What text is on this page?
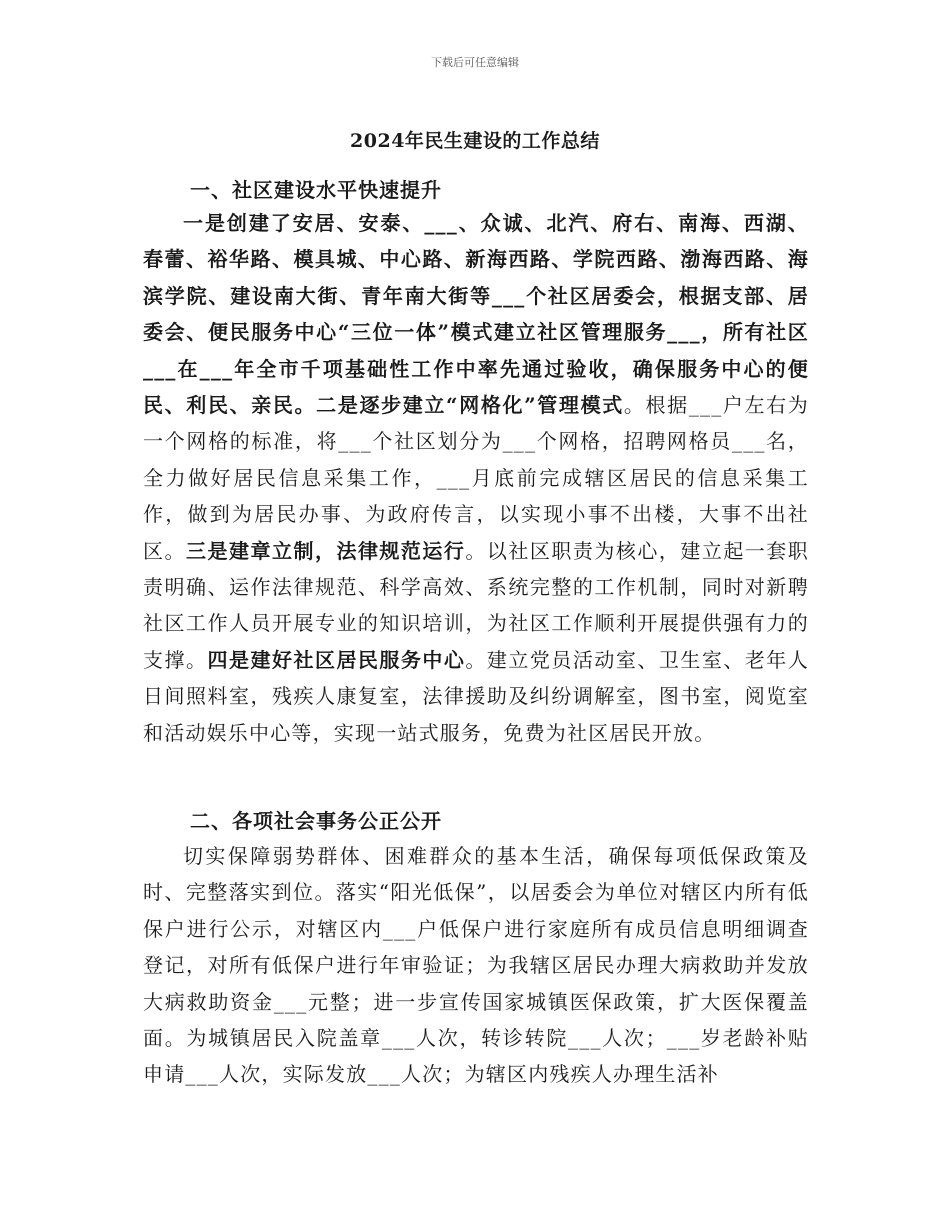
下载后可任意编辑
2024年民生建设的工作总结
一、社区建设水平快速提升
一是创建了安居、安泰、___、众诚、北汽、府右、南海、西湖、春蕾、裕华路、模具城、中心路、新海西路、学院西路、渤海西路、海滨学院、建设南大街、青年南大街等___个社区居委会，根据支部、居委会、便民服务中心“三位一体”模式建立社区管理服务___，所有社区___在___年全市千项基础性工作中率先通过验收，确保服务中心的便民、利民、亲民。二是逐步建立“网格化”管理模式。根据___户左右为一个网格的标准，将___个社区划分为___个网格，招聘网格员___名，全力做好居民信息采集工作，___月底前完成辖区居民的信息采集工作，做到为居民办事、为政府传言，以实现小事不出楼，大事不出社区。三是建章立制，法律规范运行。以社区职责为核心，建立起一套职责明确、运作法律规范、科学高效、系统完整的工作机制，同时对新聘社区工作人员开展专业的知识培训，为社区工作顺利开展提供强有力的支撑。四是建好社区居民服务中心。建立党员活动室、卫生室、老年人日间照料室，残疾人康复室，法律援助及纠纷调解室，图书室，阅览室和活动娱乐中心等，实现一站式服务，免费为社区居民开放。
二、各项社会事务公正公开
切实保障弱势群体、困难群众的基本生活，确保每项低保政策及时、完整落实到位。落实“阳光低保”，以居委会为单位对辖区内所有低保户进行公示，对辖区内___户低保户进行家庭所有成员信息明细调查登记，对所有低保户进行年审验证；为我辖区居民办理大病救助并发放大病救助资金___元整；进一步宣传国家城镇医保政策，扩大医保覆盖面。为城镇居民入院盖章___人次，转诊转院___人次；___岁老龄补贴申请___人次，实际发放___人次；为辖区内残疾人办理生活补
